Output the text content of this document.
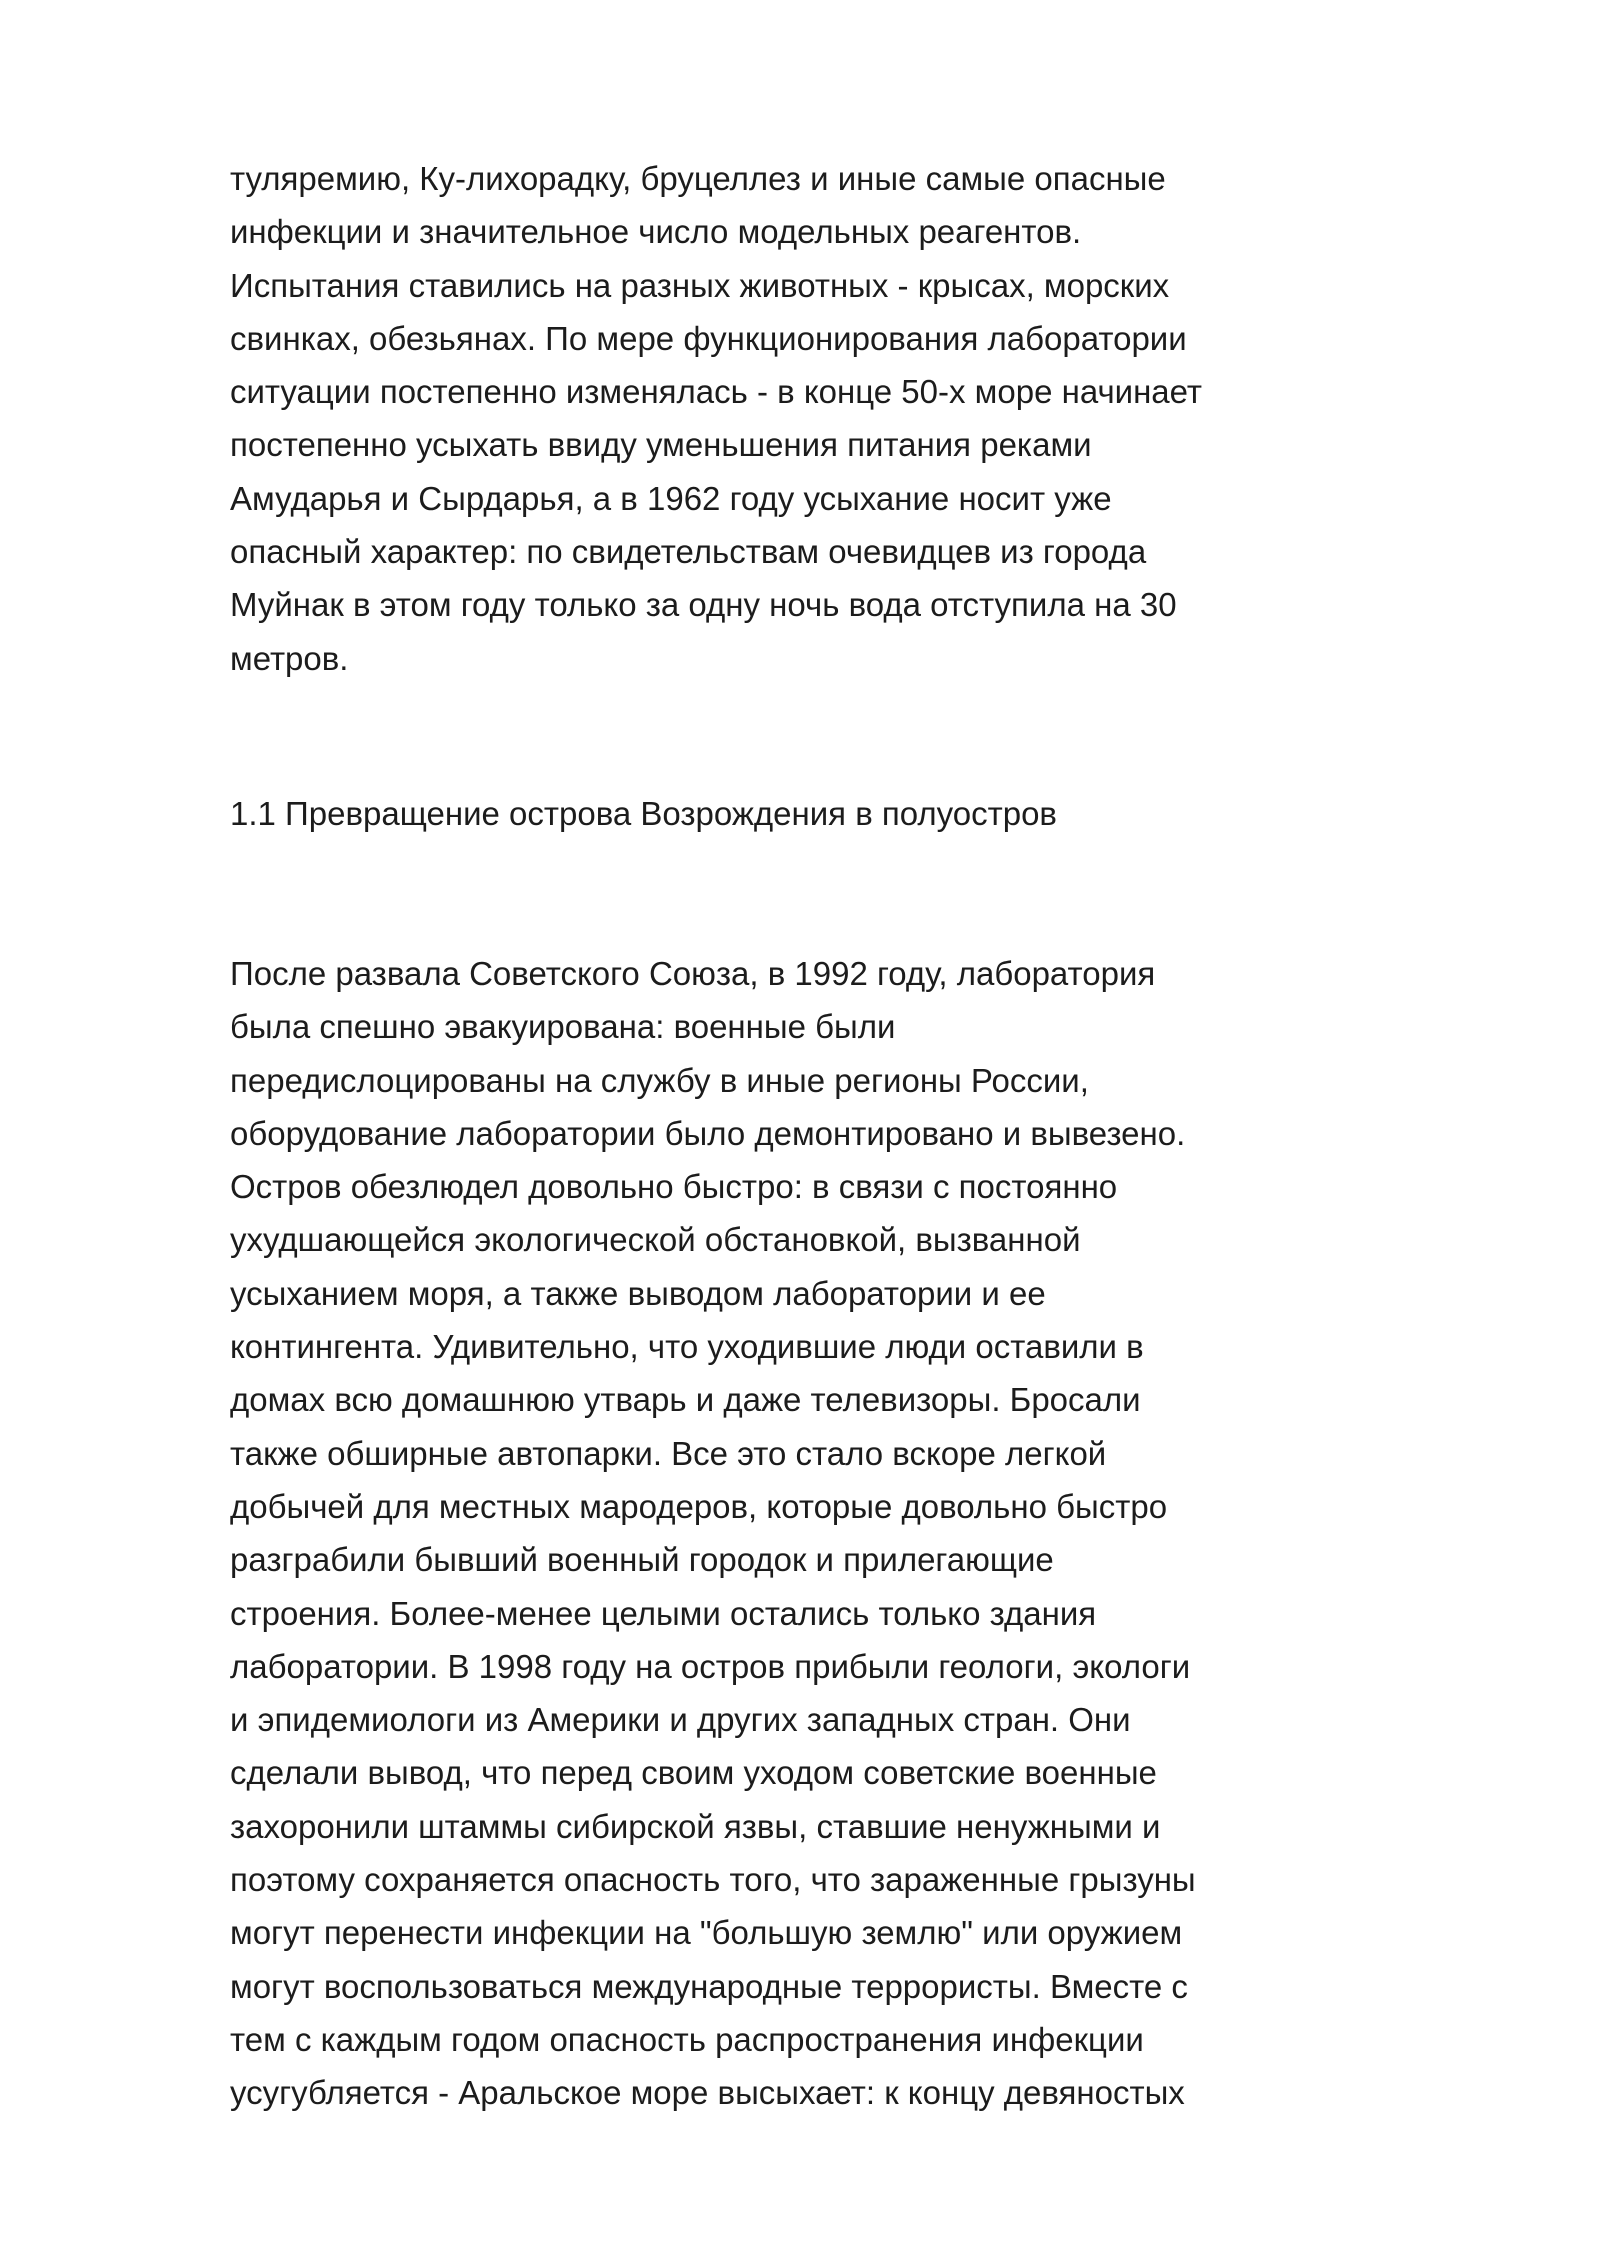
туляремию, Ку-лихорадку, бруцеллез и иные самые опасные
инфекции и значительное число модельных реагентов.
Испытания ставились на разных животных - крысах, морских
свинках, обезьянах. По мере функционирования лаборатории
ситуации постепенно изменялась - в конце 50-х море начинает
постепенно усыхать ввиду уменьшения питания реками
Амударья и Сырдарья, а в 1962 году усыхание носит уже
опасный характер: по свидетельствам очевидцев из города
Муйнак в этом году только за одну ночь вода отступила на 30
метров.
1.1 Превращение острова Возрождения в полуостров
После развала Советского Союза, в 1992 году, лаборатория
была спешно эвакуирована: военные были
передислоцированы на службу в иные регионы России,
оборудование лаборатории было демонтировано и вывезено.
Остров обезлюдел довольно быстро: в связи с постоянно
ухудшающейся экологической обстановкой, вызванной
усыханием моря, а также выводом лаборатории и ее
контингента. Удивительно, что уходившие люди оставили в
домах всю домашнюю утварь и даже телевизоры. Бросали
также обширные автопарки. Все это стало вскоре легкой
добычей для местных мародеров, которые довольно быстро
разграбили бывший военный городок и прилегающие
строения. Более-менее целыми остались только здания
лаборатории. В 1998 году на остров прибыли геологи, экологи
и эпидемиологи из Америки и других западных стран. Они
сделали вывод, что перед своим уходом советские военные
захоронили штаммы сибирской язвы, ставшие ненужными и
поэтому сохраняется опасность того, что зараженные грызуны
могут перенести инфекции на "большую землю" или оружием
могут воспользоваться международные террористы. Вместе с
тем с каждым годом опасность распространения инфекции
усугубляется - Аральское море высыхает: к концу девяностых
